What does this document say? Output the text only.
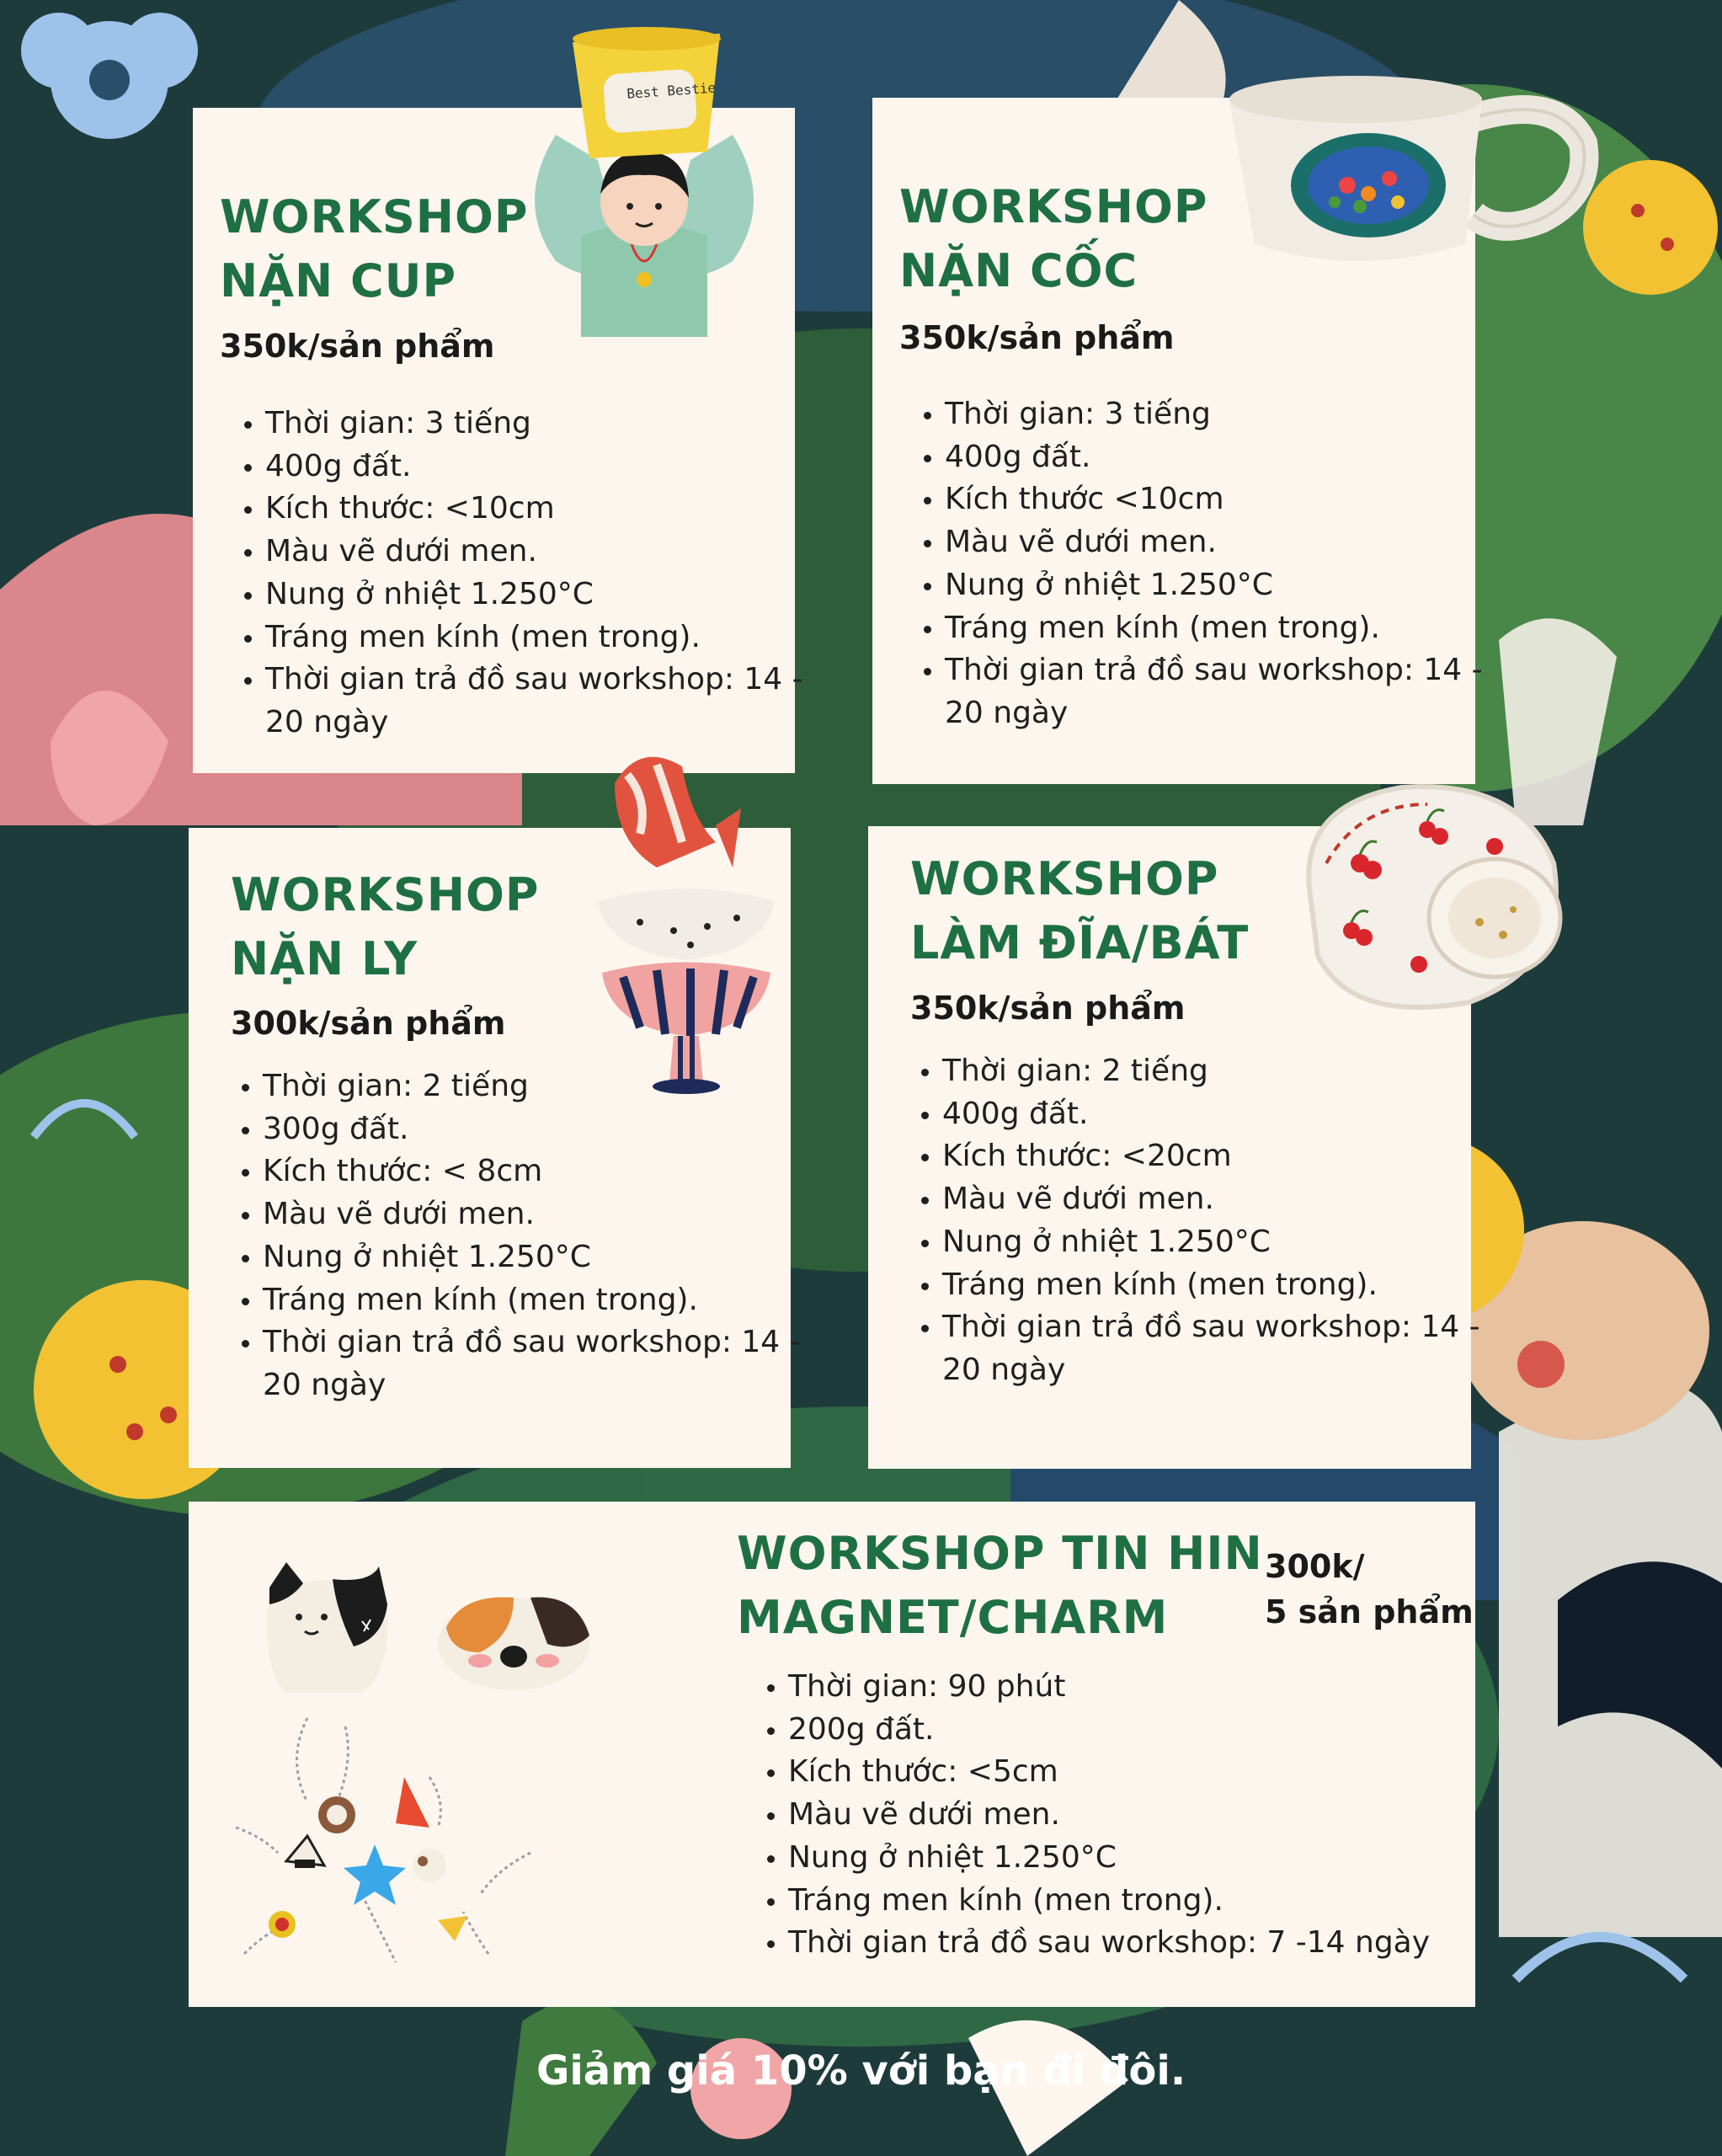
WORKSHOP
NẶN CUP
350k/sản phẩm
• Thời gian: 3 tiếng
• 400g đất.
• Kích thước: <10cm
• Màu vẽ dưới men.
• Nung ở nhiệt 1.250°C
• Tráng men kính (men trong).
• Thời gian trả đồ sau workshop: 14 - 20 ngày
Best Bestie
WORKSHOP
NẶN CỐC
350k/sản phẩm
• Thời gian: 3 tiếng
• 400g đất.
• Kích thước <10cm
• Màu vẽ dưới men.
• Nung ở nhiệt 1.250°C
• Tráng men kính (men trong).
• Thời gian trả đồ sau workshop: 14 - 20 ngày
WORKSHOP
NẶN LY
300k/sản phẩm
• Thời gian: 2 tiếng
• 300g đất.
• Kích thước: < 8cm
• Màu vẽ dưới men.
• Nung ở nhiệt 1.250°C
• Tráng men kính (men trong).
• Thời gian trả đồ sau workshop: 14 - 20 ngày
WORKSHOP
LÀM ĐĨA/BÁT
350k/sản phẩm
• Thời gian: 2 tiếng
• 400g đất.
• Kích thước: <20cm
• Màu vẽ dưới men.
• Nung ở nhiệt 1.250°C
• Tráng men kính (men trong).
• Thời gian trả đồ sau workshop: 14 - 20 ngày
WORKSHOP TIN HIN
MAGNET/CHARM
300k/
5 sản phẩm
• Thời gian: 90 phút
• 200g đất.
• Kích thước: <5cm
• Màu vẽ dưới men.
• Nung ở nhiệt 1.250°C
• Tráng men kính (men trong).
• Thời gian trả đồ sau workshop: 7 -14 ngày
Giảm giá 10% với bạn đi đôi.
